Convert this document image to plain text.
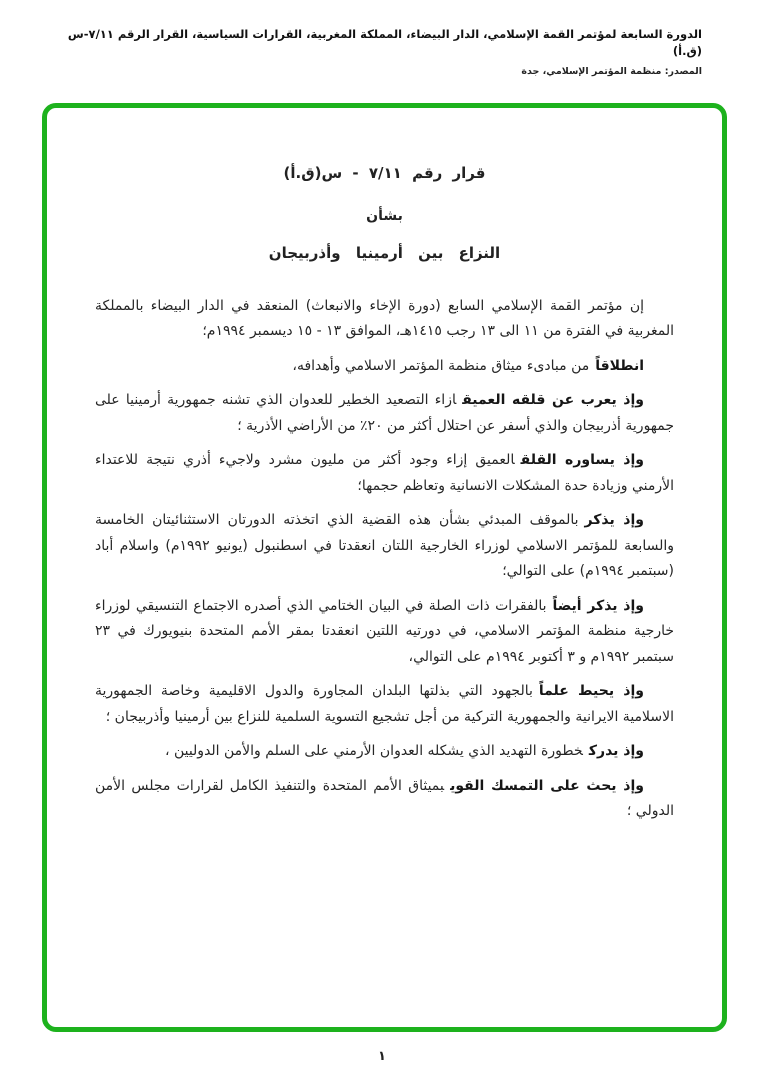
الدورة السابعة لمؤتمر القمة الإسلامي، الدار البيضاء، المملكة المغربية، القرارات السياسية، القرار الرقم ٧/١١-س (ق.أ)
المصدر: منظمة المؤتمر الإسلامي، جدة
قرار رقم ٧/١١ - س(ق.أ)
بشأن
النزاع بين أرمينيا وأذربيجان

إن مؤتمر القمة الإسلامي السابع (دورة الإخاء والانبعاث) المنعقد في الدار البيضاء بالمملكة المغربية في الفترة من ١١ الى ١٣ رجب ١٤١٥هـ، الموافق ١٣ - ١٥ ديسمبر ١٩٩٤م؛

انطلاقاًمن مبادىء ميثاق منظمة المؤتمر الاسلامي وأهدافه،

وإذ يعرب عن قلقه العميقازاء التصعيد الخطير للعدوان الذي تشنه جمهورية أرمينيا على جمهورية أذربيجان والذي أسفر عن احتلال أكثر من ٢٠٪ من الأراضي الأذرية ؛

وإذ يساوره القلقالعميق إزاء وجود أكثر من مليون مشرد ولاجيء أذري نتيجة للاعتداء الأرمني وزيادة حدة المشكلات الانسانية وتعاظم حجمها؛

وإذ يذكربالموقف المبدئي بشأن هذه القضية الذي اتخذته الدورتان الاستثنائيتان الخامسة والسابعة للمؤتمر الاسلامي لوزراء الخارجية اللتان انعقدتا في اسطنبول (يونيو ١٩٩٢م) واسلام أباد (سبتمبر ١٩٩٤م) على التوالي؛

وإذ يذكر أيضاًبالفقرات ذات الصلة في البيان الختامي الذي أصدره الاجتماع التنسيقي لوزراء خارجية منظمة المؤتمر الاسلامي، في دورتيه اللتين انعقدتا بمقر الأمم المتحدة بنيويورك في ٢٣ سبتمبر ١٩٩٢م و ٣ أكتوبر ١٩٩٤م على التوالي،

وإذ يحيط علماًبالجهود التي بذلتها البلدان المجاورة والدول الاقليمية وخاصة الجمهورية الاسلامية الايرانية والجمهورية التركية من أجل تشجيع التسوية السلمية للنزاع بين أرمينيا وأذربيجان ؛

وإذ يدركخطورة التهديد الذي يشكله العدوان الأرمني على السلم والأمن الدوليين ،

وإذ يحث على التمسك القويبميثاق الأمم المتحدة والتنفيذ الكامل لقرارات مجلس الأمن الدولي ؛

١
